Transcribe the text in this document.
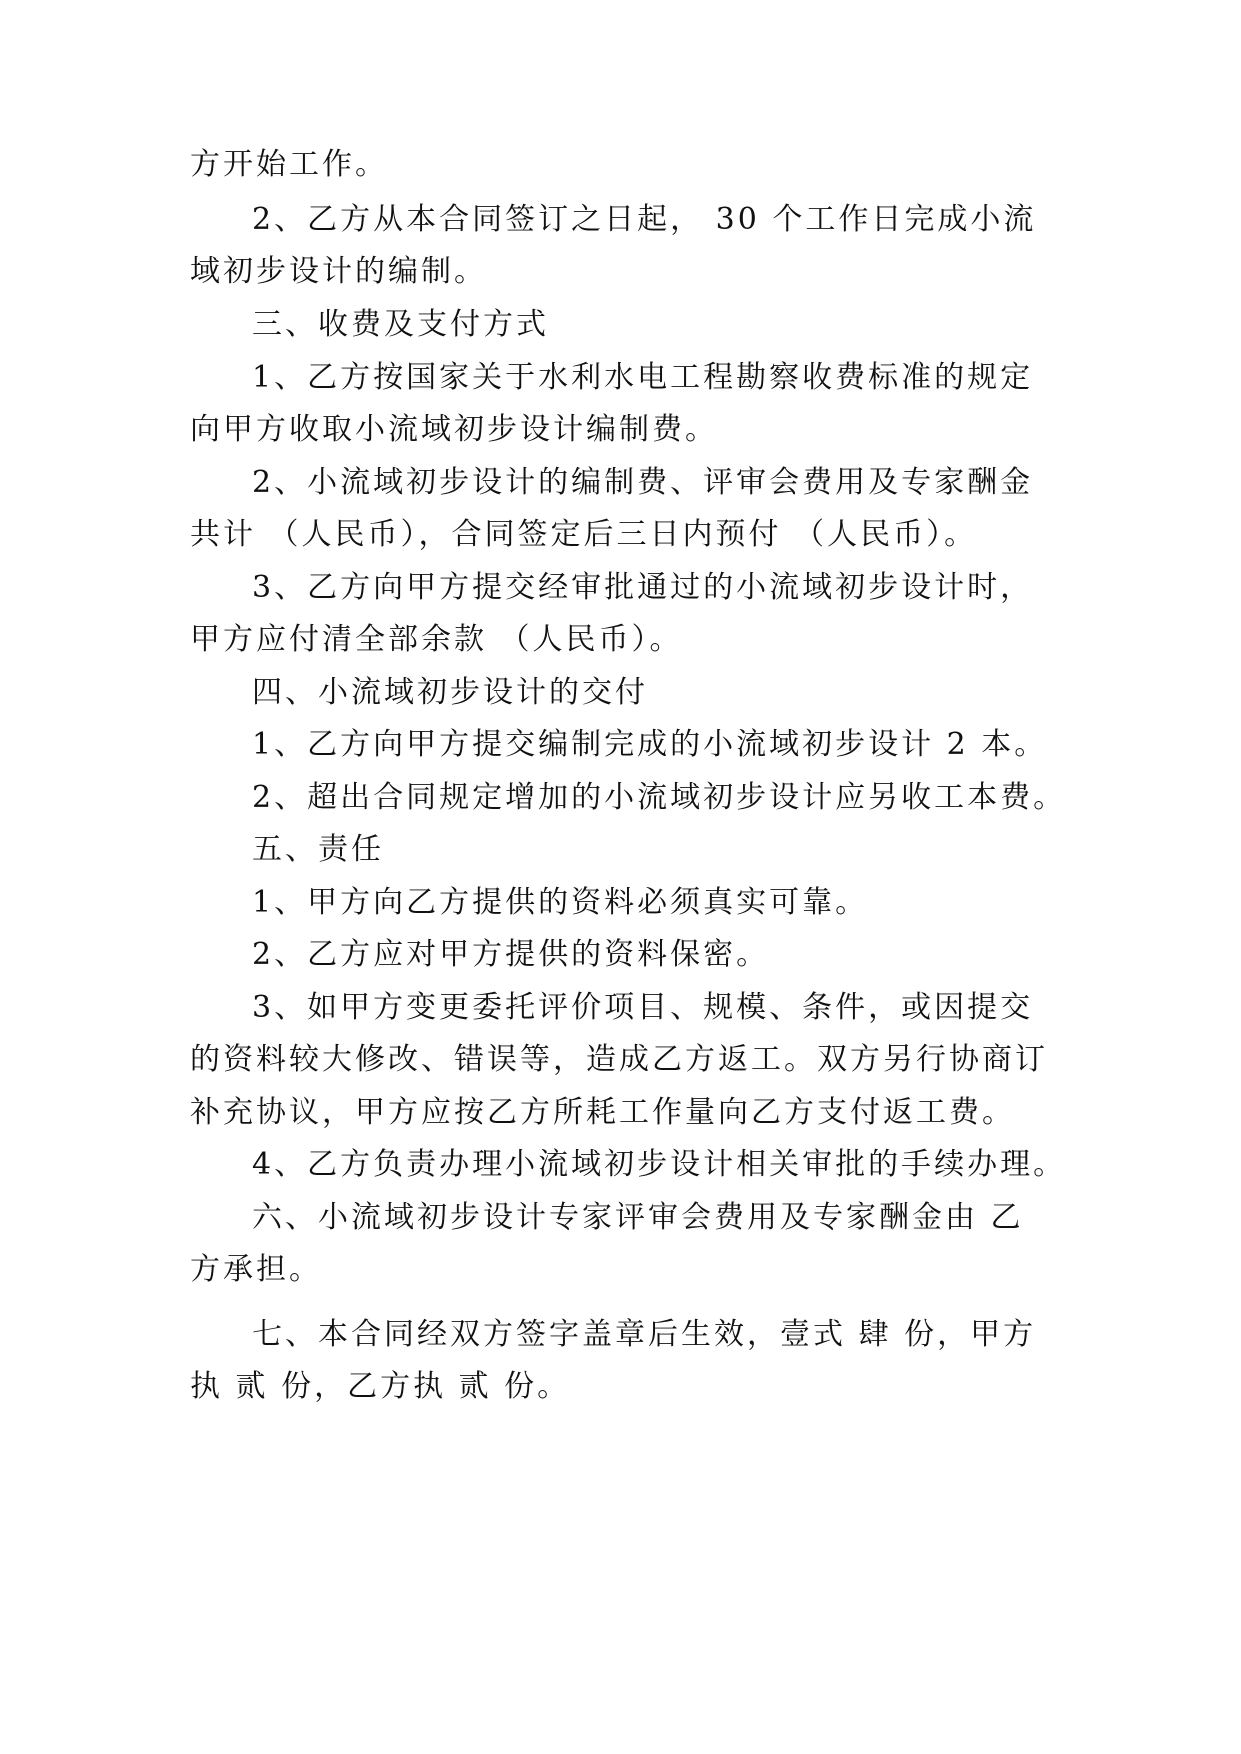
方开始工作。

2、乙方从本合同签订之日起， 30 个工作日完成小流

域初步设计的编制。

三、收费及支付方式

1、乙方按国家关于水利水电工程勘察收费标准的规定

向甲方收取小流域初步设计编制费。

2、小流域初步设计的编制费、评审会费用及专家酬金

共计 （人民币），合同签定后三日内预付 （人民币）。

3、乙方向甲方提交经审批通过的小流域初步设计时，

甲方应付清全部余款 （人民币）。

四、小流域初步设计的交付

1、乙方向甲方提交编制完成的小流域初步设计 2 本。

2、超出合同规定增加的小流域初步设计应另收工本费。

五、责任

1、甲方向乙方提供的资料必须真实可靠。

2、乙方应对甲方提供的资料保密。

3、如甲方变更委托评价项目、规模、条件，或因提交

的资料较大修改、错误等，造成乙方返工。双方另行协商订

补充协议，甲方应按乙方所耗工作量向乙方支付返工费。

4、乙方负责办理小流域初步设计相关审批的手续办理。

六、小流域初步设计专家评审会费用及专家酬金由 乙

方承担。

七、本合同经双方签字盖章后生效，壹式 肆 份，甲方

执 贰 份，乙方执 贰 份。
